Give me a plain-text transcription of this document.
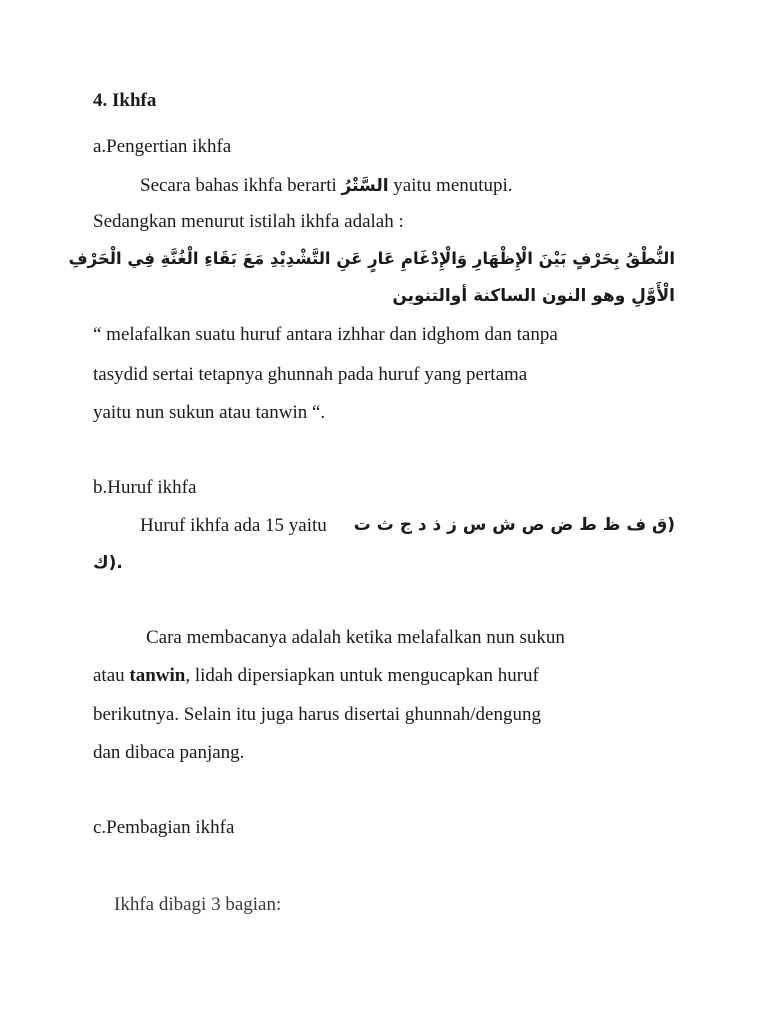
4. Ikhfa
a.Pengertian ikhfa
Secara bahas ikhfa berarti السَّتْرُ yaitu menutupi.
Sedangkan menurut istilah ikhfa adalah :
النُّطْقُ بِحَرْفٍ بَيْنَ الْإِظْهَارِ وَالْإِدْغَامِ عَارٍ عَنِ التَّشْدِيْدِ مَعَ بَقَاءِ الْغُنَّةِ فِي الْحَرْفِ
الْأَوَّلِ وهو النون الساكنة أوالتنوين
“ melafalkan suatu huruf antara izhhar dan idghom dan tanpa
tasydid sertai tetapnya ghunnah pada huruf yang pertama
yaitu nun sukun atau tanwin “.
b.Huruf ikhfa
Huruf ikhfa ada 15 yaitu (ق ف ظ ط ض ص ش س ز ذ د ج ث ت
ك).
Cara membacanya adalah ketika melafalkan nun sukun
atau tanwin, lidah dipersiapkan untuk mengucapkan huruf
berikutnya. Selain itu juga harus disertai ghunnah/dengung
dan dibaca panjang.
c.Pembagian ikhfa
Ikhfa dibagi 3 bagian:
